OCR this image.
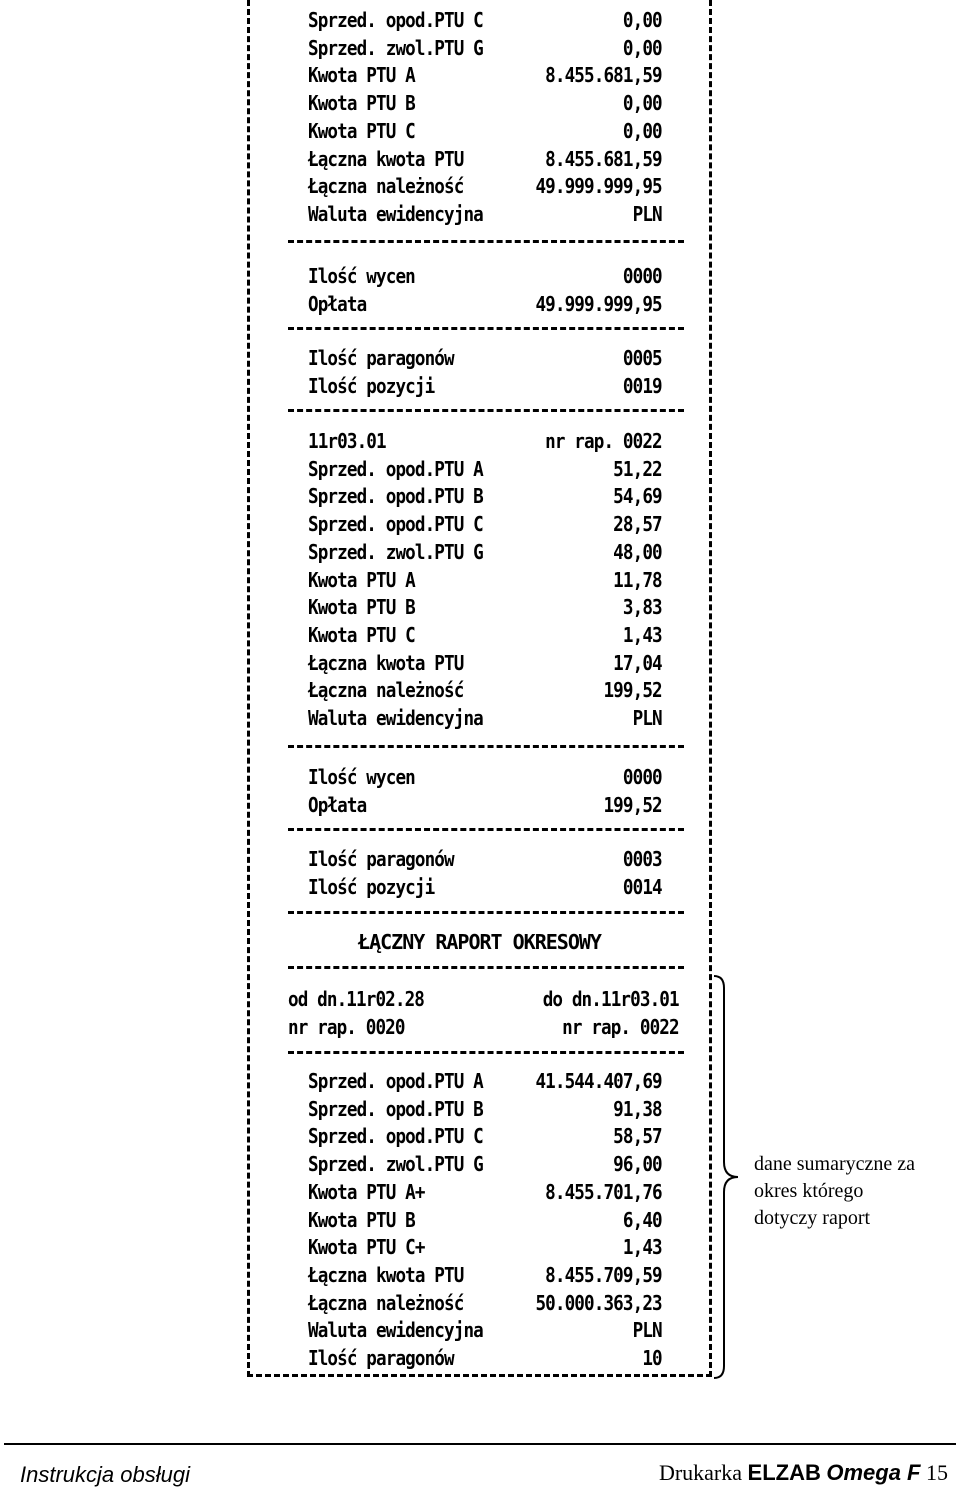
Sprzed. opod.PTU C	0,00
Sprzed. zwol.PTU G	0,00
Kwota PTU A	8.455.681,59
Kwota PTU B	0,00
Kwota PTU C	0,00
Łączna kwota PTU	8.455.681,59
Łączna należność	49.999.999,95
Waluta ewidencyjna	PLN
Ilość wycen	0000
Opłata	49.999.999,95
Ilość paragonów	0005
Ilość pozycji	0019
11r03.01	nr rap. 0022
Sprzed. opod.PTU A	51,22
Sprzed. opod.PTU B	54,69
Sprzed. opod.PTU C	28,57
Sprzed. zwol.PTU G	48,00
Kwota PTU A	11,78
Kwota PTU B	3,83
Kwota PTU C	1,43
Łączna kwota PTU	17,04
Łączna należność	199,52
Waluta ewidencyjna	PLN
Ilość wycen	0000
Opłata	199,52
Ilość paragonów	0003
Ilość pozycji	0014
ŁĄCZNY RAPORT OKRESOWY
od dn.11r02.28	do dn.11r03.01
nr rap. 0020	nr rap. 0022
Sprzed. opod.PTU A	41.544.407,69
Sprzed. opod.PTU B	91,38
Sprzed. opod.PTU C	58,57
Sprzed. zwol.PTU G	96,00
Kwota PTU A+	8.455.701,76
Kwota PTU B	6,40
Kwota PTU C+	1,43
Łączna kwota PTU	8.455.709,59
Łączna należność	50.000.363,23
Waluta ewidencyjna	PLN
Ilość paragonów	10
dane sumaryczne za
okres którego
dotyczy raport
Instrukcja obsługi	Drukarka ELZAB Omega F 15
